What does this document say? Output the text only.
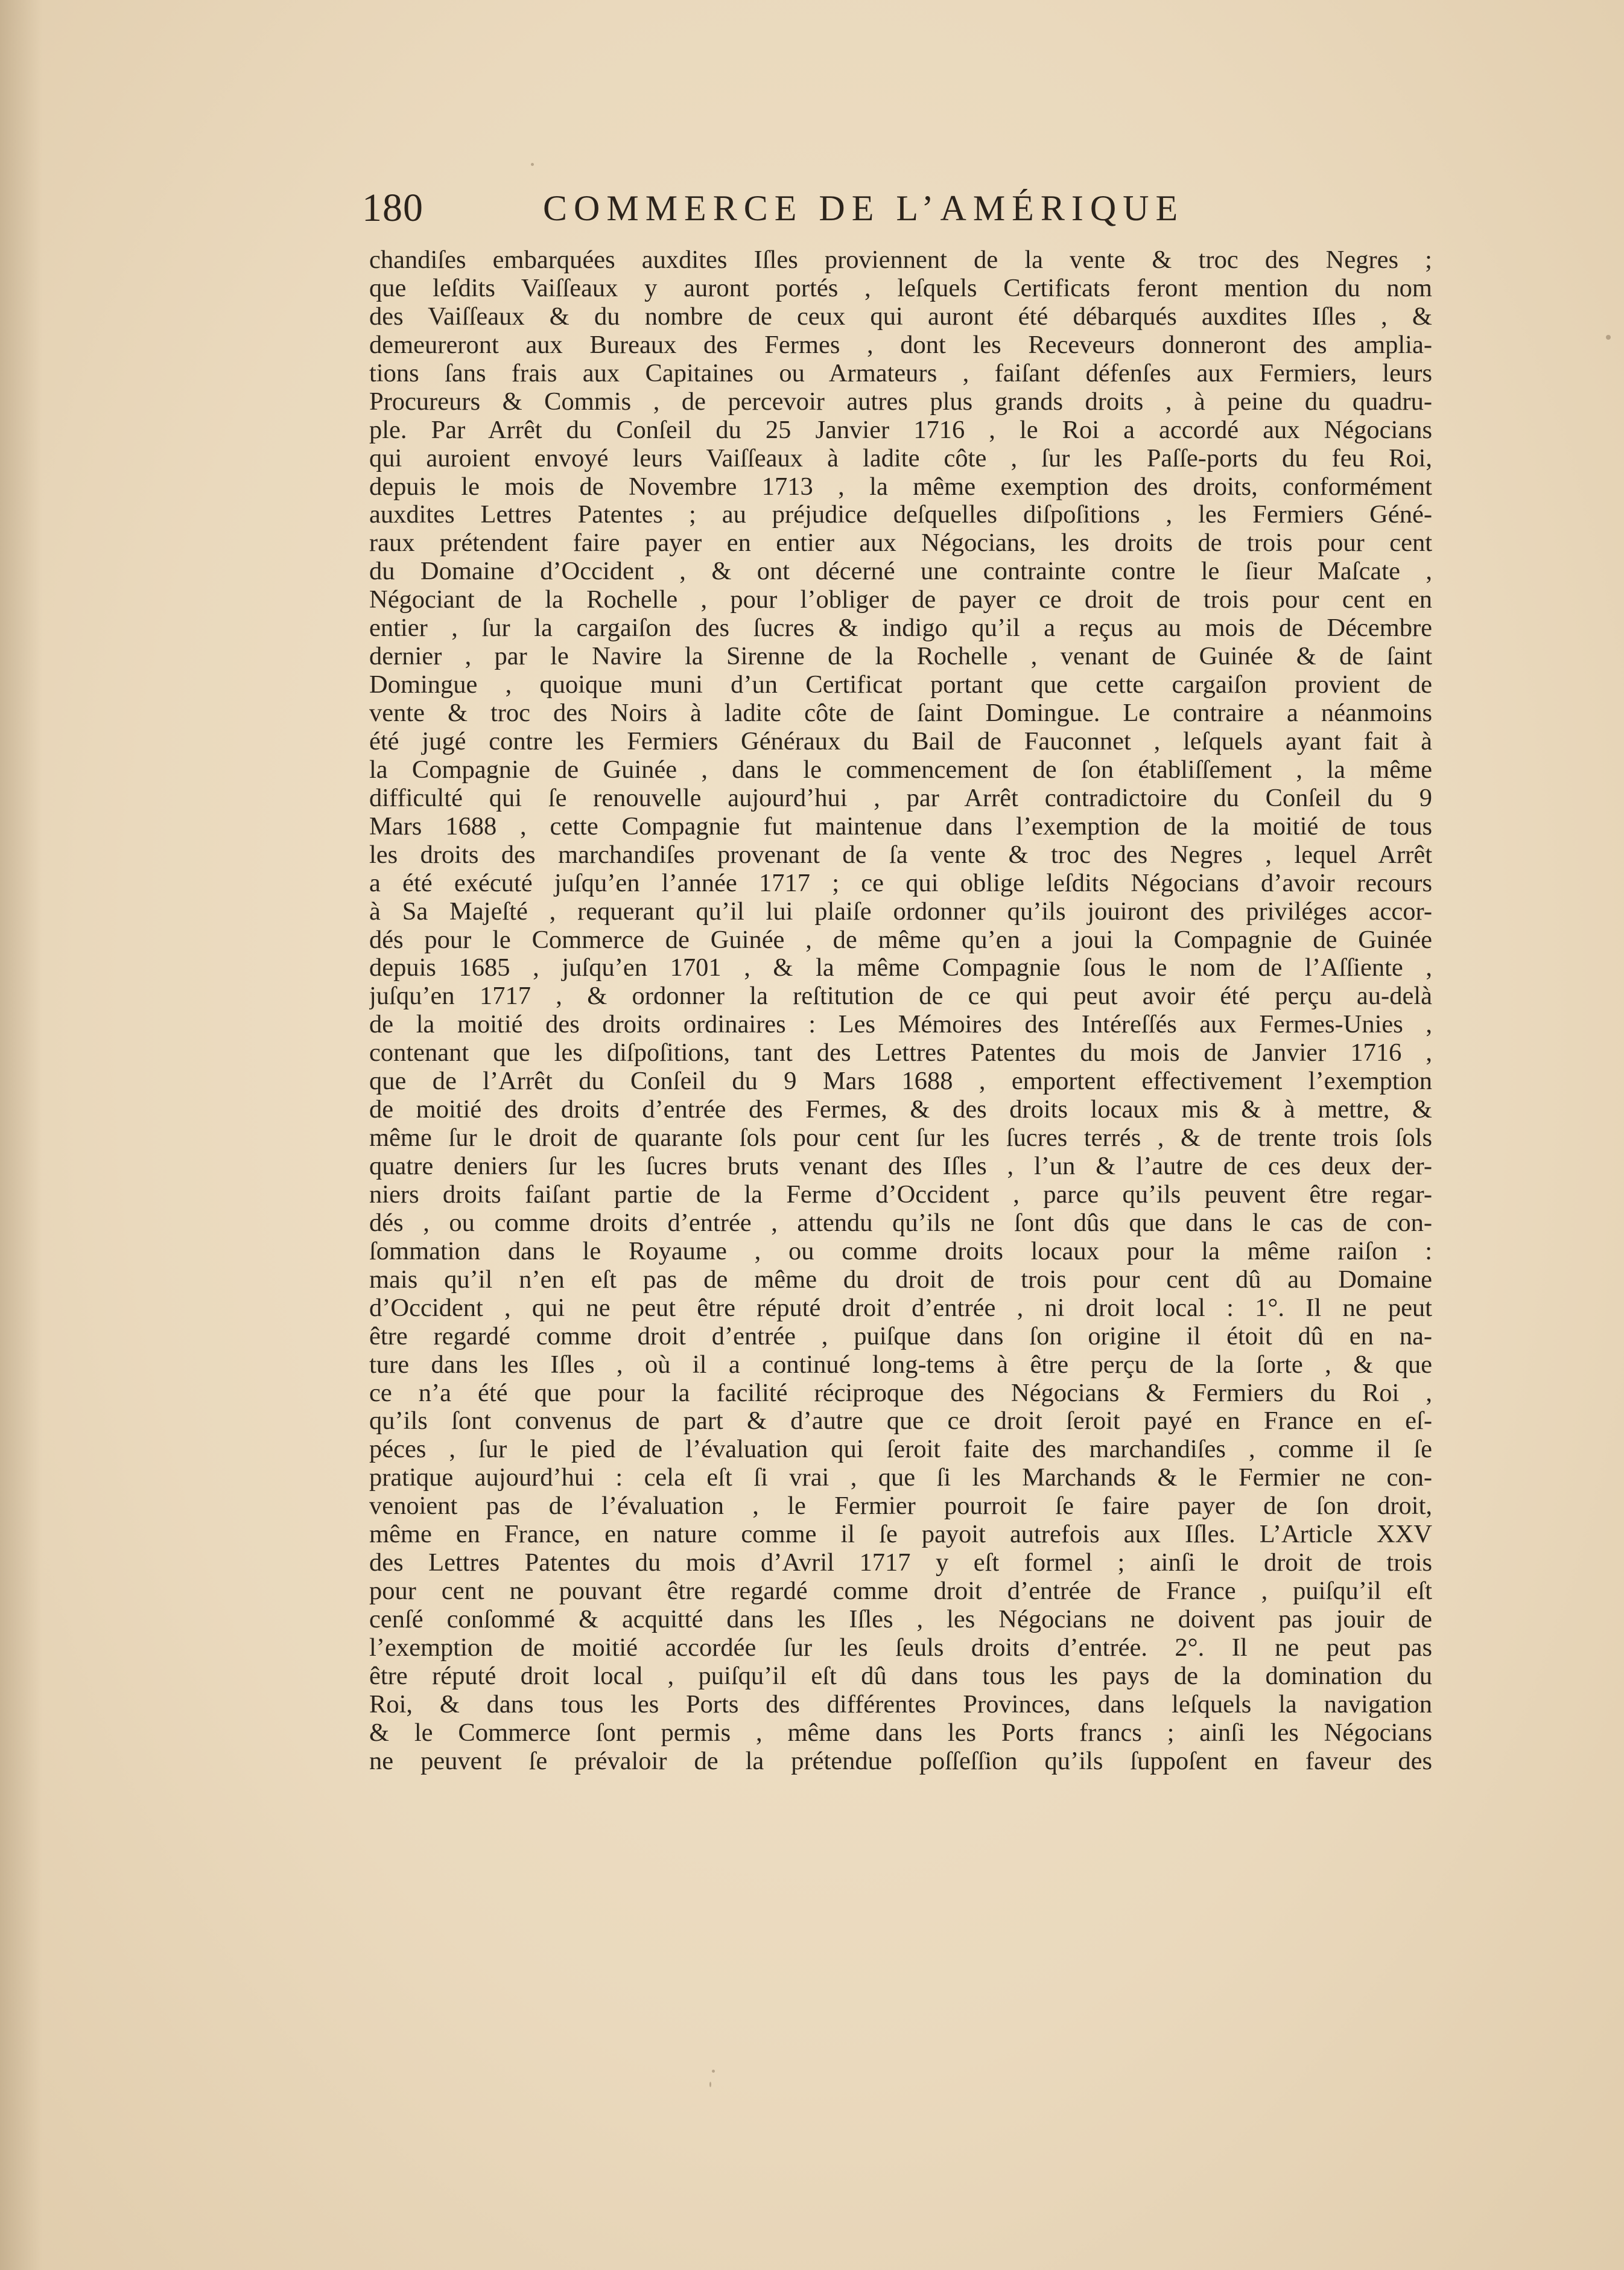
180	COMMERCE DE L’AMÉRIQUE
chandiſes embarquées auxdites Iſles proviennent de la vente & troc des Negres ;
que leſdits Vaiſſeaux y auront portés , leſquels Certificats feront mention du nom
des Vaiſſeaux & du nombre de ceux qui auront été débarqués auxdites Iſles , &
demeureront aux Bureaux des Fermes , dont les Receveurs donneront des amplia-
tions ſans frais aux Capitaines ou Armateurs , faiſant défenſes aux Fermiers, leurs
Procureurs & Commis , de percevoir autres plus grands droits , à peine du quadru-
ple. Par Arrêt du Conſeil du 25 Janvier 1716 , le Roi a accordé aux Négocians
qui auroient envoyé leurs Vaiſſeaux à ladite côte , ſur les Paſſe-ports du feu Roi,
depuis le mois de Novembre 1713 , la même exemption des droits, conformément
auxdites Lettres Patentes ; au préjudice deſquelles diſpoſitions , les Fermiers Géné-
raux prétendent faire payer en entier aux Négocians, les droits de trois pour cent
du Domaine d’Occident , & ont décerné une contrainte contre le ſieur Maſcate ,
Négociant de la Rochelle , pour l’obliger de payer ce droit de trois pour cent en
entier , ſur la cargaiſon des ſucres & indigo qu’il a reçus au mois de Décembre
dernier , par le Navire la Sirenne de la Rochelle , venant de Guinée & de ſaint
Domingue , quoique muni d’un Certificat portant que cette cargaiſon provient de
vente & troc des Noirs à ladite côte de ſaint Domingue. Le contraire a néanmoins
été jugé contre les Fermiers Généraux du Bail de Fauconnet , leſquels ayant fait à
la Compagnie de Guinée , dans le commencement de ſon établiſſement , la même
difficulté qui ſe renouvelle aujourd’hui , par Arrêt contradictoire du Conſeil du 9
Mars 1688 , cette Compagnie fut maintenue dans l’exemption de la moitié de tous
les droits des marchandiſes provenant de ſa vente & troc des Negres , lequel Arrêt
a été exécuté juſqu’en l’année 1717 ; ce qui oblige leſdits Négocians d’avoir recours
à Sa Majeſté , requerant qu’il lui plaiſe ordonner qu’ils jouiront des priviléges accor-
dés pour le Commerce de Guinée , de même qu’en a joui la Compagnie de Guinée
depuis 1685 , juſqu’en 1701 , & la même Compagnie ſous le nom de l’Aſſiente ,
juſqu’en 1717 , & ordonner la reſtitution de ce qui peut avoir été perçu au-delà
de la moitié des droits ordinaires : Les Mémoires des Intéreſſés aux Fermes-Unies ,
contenant que les diſpoſitions, tant des Lettres Patentes du mois de Janvier 1716 ,
que de l’Arrêt du Conſeil du 9 Mars 1688 , emportent effectivement l’exemption
de moitié des droits d’entrée des Fermes, & des droits locaux mis & à mettre, &
même ſur le droit de quarante ſols pour cent ſur les ſucres terrés , & de trente trois ſols
quatre deniers ſur les ſucres bruts venant des Iſles , l’un & l’autre de ces deux der-
niers droits faiſant partie de la Ferme d’Occident , parce qu’ils peuvent être regar-
dés , ou comme droits d’entrée , attendu qu’ils ne ſont dûs que dans le cas de con-
ſommation dans le Royaume , ou comme droits locaux pour la même raiſon :
mais qu’il n’en eſt pas de même du droit de trois pour cent dû au Domaine
d’Occident , qui ne peut être réputé droit d’entrée , ni droit local : 1°. Il ne peut
être regardé comme droit d’entrée , puiſque dans ſon origine il étoit dû en na-
ture dans les Iſles , où il a continué long-tems à être perçu de la ſorte , & que
ce n’a été que pour la facilité réciproque des Négocians & Fermiers du Roi ,
qu’ils ſont convenus de part & d’autre que ce droit ſeroit payé en France en eſ-
péces , ſur le pied de l’évaluation qui ſeroit faite des marchandiſes , comme il ſe
pratique aujourd’hui : cela eſt ſi vrai , que ſi les Marchands & le Fermier ne con-
venoient pas de l’évaluation , le Fermier pourroit ſe faire payer de ſon droit,
même en France, en nature comme il ſe payoit autrefois aux Iſles. L’Article XXV
des Lettres Patentes du mois d’Avril 1717 y eſt formel ; ainſi le droit de trois
pour cent ne pouvant être regardé comme droit d’entrée de France , puiſqu’il eſt
cenſé conſommé & acquitté dans les Iſles , les Négocians ne doivent pas jouir de
l’exemption de moitié accordée ſur les ſeuls droits d’entrée. 2°. Il ne peut pas
être réputé droit local , puiſqu’il eſt dû dans tous les pays de la domination du
Roi, & dans tous les Ports des différentes Provinces, dans leſquels la navigation
& le Commerce ſont permis , même dans les Ports francs ; ainſi les Négocians
ne peuvent ſe prévaloir de la prétendue poſſeſſion qu’ils ſuppoſent en faveur des
